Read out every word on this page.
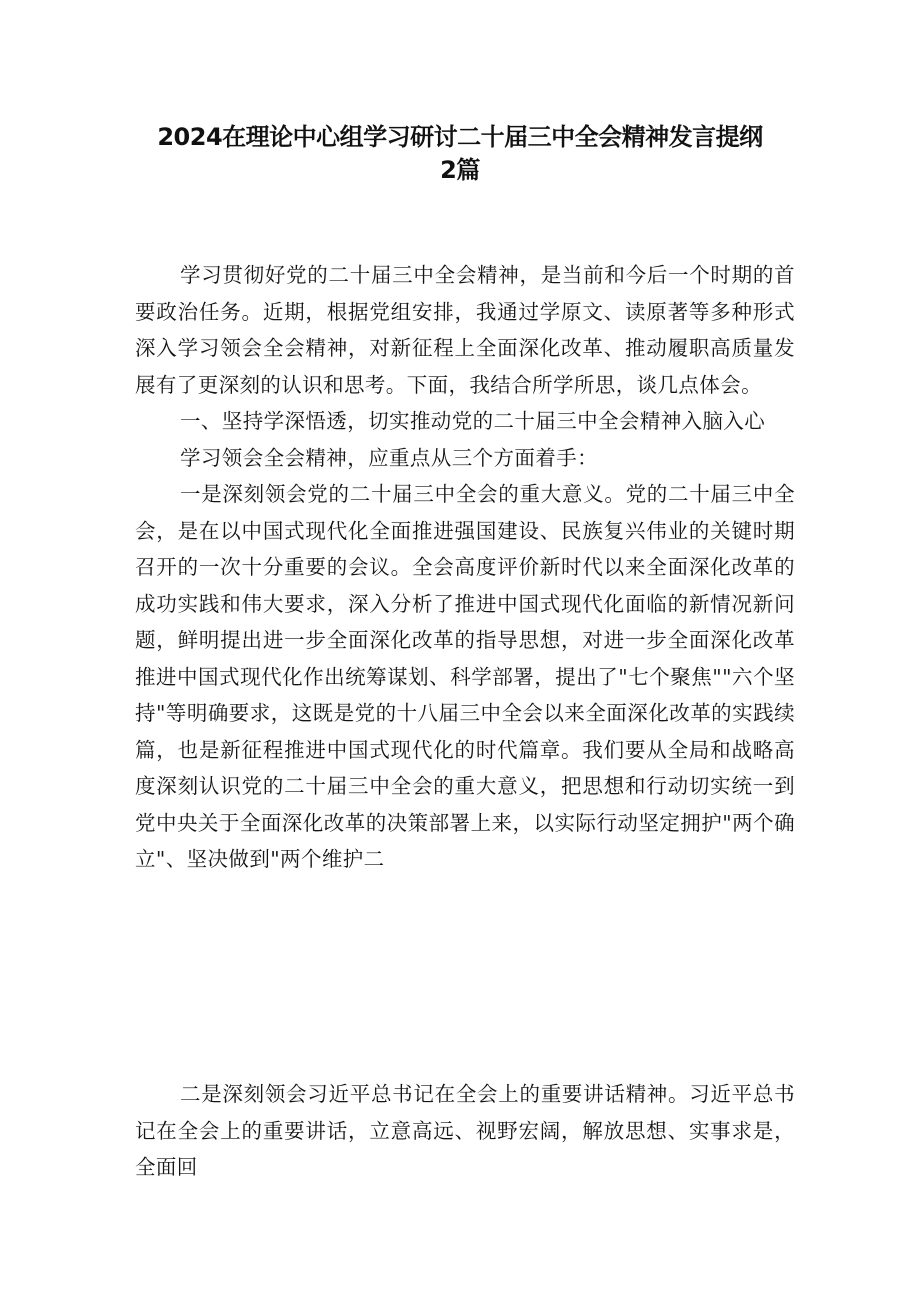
2024在理论中心组学习研讨二十届三中全会精神发言提纲
2篇

学习贯彻好党的二十届三中全会精神，是当前和今后一个时期的首要政治任务。近期，根据党组安排，我通过学原文、读原著等多种形式深入学习领会全会精神，对新征程上全面深化改革、推动履职高质量发展有了更深刻的认识和思考。下面，我结合所学所思，谈几点体会。

一、坚持学深悟透，切实推动党的二十届三中全会精神入脑入心

学习领会全会精神，应重点从三个方面着手：

一是深刻领会党的二十届三中全会的重大意义。党的二十届三中全会，是在以中国式现代化全面推进强国建设、民族复兴伟业的关键时期召开的一次十分重要的会议。全会高度评价新时代以来全面深化改革的成功实践和伟大要求，深入分析了推进中国式现代化面临的新情况新问题，鲜明提出进一步全面深化改革的指导思想，对进一步全面深化改革推进中国式现代化作出统筹谋划、科学部署，提出了"七个聚焦""六个坚持"等明确要求，这既是党的十八届三中全会以来全面深化改革的实践续篇，也是新征程推进中国式现代化的时代篇章。我们要从全局和战略高度深刻认识党的二十届三中全会的重大意义，把思想和行动切实统一到党中央关于全面深化改革的决策部署上来，以实际行动坚定拥护"两个确立"、坚决做到"两个维护二

二是深刻领会习近平总书记在全会上的重要讲话精神。习近平总书记在全会上的重要讲话，立意高远、视野宏阔，解放思想、实事求是，全面回
